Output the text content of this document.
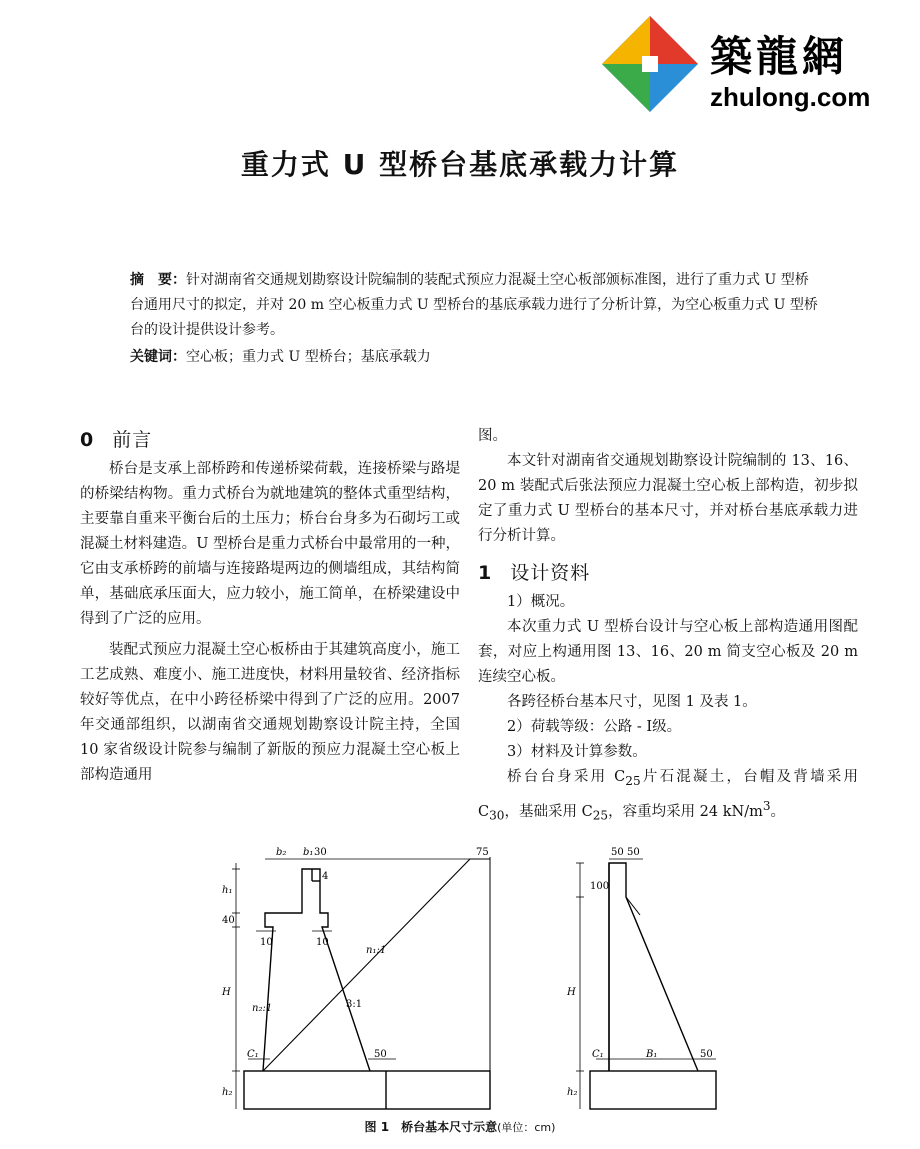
築龍網
zhulong.com
重力式 U 型桥台基底承载力计算
摘　要：针对湖南省交通规划勘察设计院编制的装配式预应力混凝土空心板部颁标准图，进行了重力式 U 型桥台通用尺寸的拟定，并对 20 m 空心板重力式 U 型桥台的基底承载力进行了分析计算，为空心板重力式 U 型桥台的设计提供设计参考。
关键词：空心板；重力式 U 型桥台；基底承载力
0 前言

桥台是支承上部桥跨和传递桥梁荷载，连接桥梁与路堤的桥梁结构物。重力式桥台为就地建筑的整体式重型结构，主要靠自重来平衡台后的土压力；桥台台身多为石砌圬工或混凝土材料建造。U 型桥台是重力式桥台中最常用的一种，它由支承桥跨的前墙与连接路堤两边的侧墙组成，其结构简单，基础底承压面大，应力较小，施工简单，在桥梁建设中得到了广泛的应用。

装配式预应力混凝土空心板桥由于其建筑高度小，施工工艺成熟、难度小、施工进度快，材料用量较省、经济指标较好等优点，在中小跨径桥梁中得到了广泛的应用。2007 年交通部组织，以湖南省交通规划勘察设计院主持，全国 10 家省级设计院参与编制了新版的预应力混凝土空心板上部构造通用

图。

本文针对湖南省交通规划勘察设计院编制的 13、16、20 m 装配式后张法预应力混凝土空心板上部构造，初步拟定了重力式 U 型桥台的基本尺寸，并对桥台基底承载力进行分析计算。

1 设计资料

1）概况。

本次重力式 U 型桥台设计与空心板上部构造通用图配套，对应上构通用图 13、16、20 m 简支空心板及 20 m 连续空心板。

各跨径桥台基本尺寸，见图 1 及表 1。

2）荷载等级：公路 - Ⅰ级。

3）材料及计算参数。

桥台台身采用 $C_{25}$片石混凝土，台帽及背墙采用 $C_{30}$，基础采用 $C_{25}$，容重均采用 24 $kN/m^3$。

b₂ b₁ 30	75
4
h₁
40
10	10
H
n₁:1
n₂:1	3:1
C₁	50
h₂
50 50
100
H
C₁	B₁	50
h₂
图 1 桥台基本尺寸示意(单位：cm)
